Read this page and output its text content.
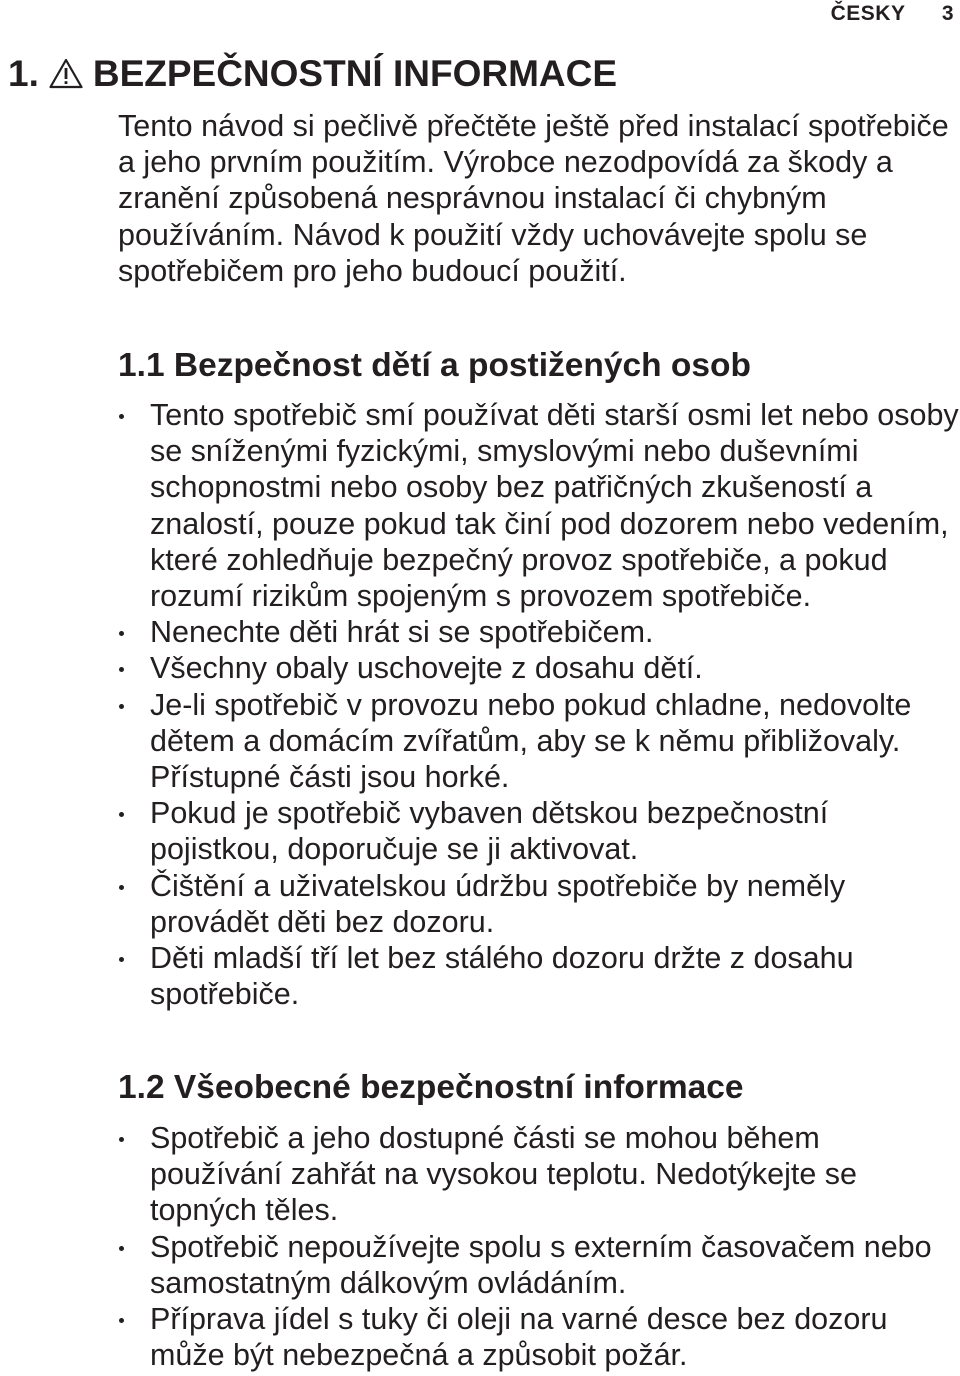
ČESKY 3
1. BEZPEČNOSTNÍ INFORMACE

Tento návod si pečlivě přečtěte ještě před instalací spotřebiče a jeho prvním použitím. Výrobce nezodpovídá za škody a zranění způsobená nesprávnou instalací či chybným používáním. Návod k použití vždy uchovávejte spolu se spotřebičem pro jeho budoucí použití.

1.1 Bezpečnost dětí a postižených osob
Tento spotřebič smí používat děti starší osmi let nebo osoby se sníženými fyzickými, smyslovými nebo duševními schopnostmi nebo osoby bez patřičných zkušeností a znalostí, pouze pokud tak činí pod dozorem nebo vedením, které zohledňuje bezpečný provoz spotřebiče, a pokud rozumí rizikům spojeným s provozem spotřebiče.
Nenechte děti hrát si se spotřebičem.
Všechny obaly uschovejte z dosahu dětí.
Je-li spotřebič v provozu nebo pokud chladne, nedovolte dětem a domácím zvířatům, aby se k němu přibližovaly. Přístupné části jsou horké.
Pokud je spotřebič vybaven dětskou bezpečnostní pojistkou, doporučuje se ji aktivovat.
Čištění a uživatelskou údržbu spotřebiče by neměly provádět děti bez dozoru.
Děti mladší tří let bez stálého dozoru držte z dosahu spotřebiče.
1.2 Všeobecné bezpečnostní informace
Spotřebič a jeho dostupné části se mohou během používání zahřát na vysokou teplotu. Nedotýkejte se topných těles.
Spotřebič nepoužívejte spolu s externím časovačem nebo samostatným dálkovým ovládáním.
Příprava jídel s tuky či oleji na varné desce bez dozoru může být nebezpečná a způsobit požár.
